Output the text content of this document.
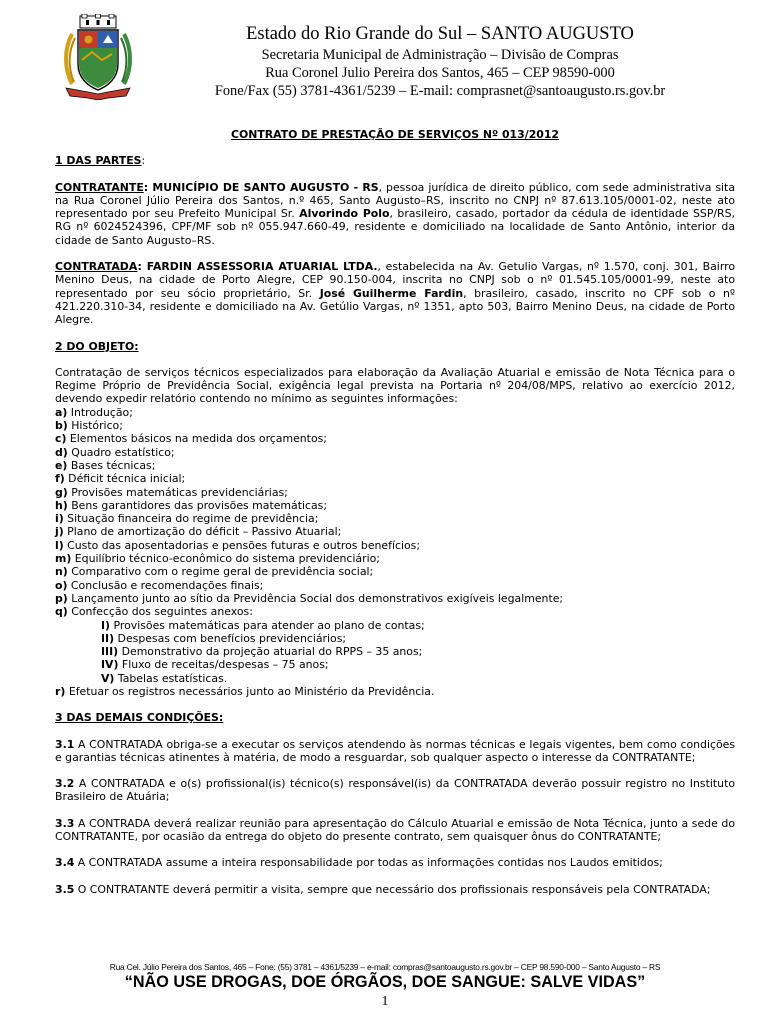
Estado do Rio Grande do Sul – SANTO AUGUSTO
Secretaria Municipal de Administração – Divisão de Compras
Rua Coronel Julio Pereira dos Santos, 465 – CEP 98590-000
Fone/Fax (55) 3781-4361/5239 – E-mail: comprasnet@santoaugusto.rs.gov.br

CONTRATO DE PRESTAÇÃO DE SERVIÇOS Nº 013/2012

1 DAS PARTES:

CONTRATANTE: MUNICÍPIO DE SANTO AUGUSTO - RS, pessoa jurídica de direito público, com sede administrativa sita na Rua Coronel Júlio Pereira dos Santos, n.º 465, Santo Augusto–RS, inscrito no CNPJ nº 87.613.105/0001-02, neste ato representado por seu Prefeito Municipal Sr. Alvorindo Polo, brasileiro, casado, portador da cédula de identidade SSP/RS, RG nº 6024524396, CPF/MF sob nº 055.947.660-49, residente e domiciliado na localidade de Santo Antônio, interior da cidade de Santo Augusto–RS.

CONTRATADA: FARDIN ASSESSORIA ATUARIAL LTDA., estabelecida na Av. Getulio Vargas, nº 1.570, conj. 301, Bairro Menino Deus, na cidade de Porto Alegre, CEP 90.150-004, inscrita no CNPJ sob o nº 01.545.105/0001-99, neste ato representado por seu sócio proprietário, Sr. José Guilherme Fardin, brasileiro, casado, inscrito no CPF sob o nº 421.220.310-34, residente e domiciliado na Av. Getúlio Vargas, nº 1351, apto 503, Bairro Menino Deus, na cidade de Porto Alegre.

2 DO OBJETO:

Contratação de serviços técnicos especializados para elaboração da Avaliação Atuarial e emissão de Nota Técnica para o Regime Próprio de Previdência Social, exigência legal prevista na Portaria nº 204/08/MPS, relativo ao exercício 2012, devendo expedir relatório contendo no mínimo as seguintes informações:

a) Introdução;

b) Histórico;

c) Elementos básicos na medida dos orçamentos;

d) Quadro estatístico;

e) Bases técnicas;

f) Déficit técnica inicial;

g) Provisões matemáticas previdenciárias;

h) Bens garantidores das provisões matemáticas;

i) Situação financeira do regime de previdência;

j) Plano de amortização do déficit – Passivo Atuarial;

l) Custo das aposentadorias e pensões futuras e outros benefícios;

m) Equilíbrio técnico-econômico do sistema previdenciário;

n) Comparativo com o regime geral de previdência social;

o) Conclusão e recomendações finais;

p) Lançamento junto ao sítio da Previdência Social dos demonstrativos exigíveis legalmente;

q) Confecção dos seguintes anexos:

I) Provisões matemáticas para atender ao plano de contas;

II) Despesas com benefícios previdenciários;

III) Demonstrativo da projeção atuarial do RPPS – 35 anos;

IV) Fluxo de receitas/despesas – 75 anos;

V) Tabelas estatísticas.

r) Efetuar os registros necessários junto ao Ministério da Previdência.

3 DAS DEMAIS CONDIÇÕES:

3.1 A CONTRATADA obriga-se a executar os serviços atendendo às normas técnicas e legais vigentes, bem como condições e garantias técnicas atinentes à matéria, de modo a resguardar, sob qualquer aspecto o interesse da CONTRATANTE;

3.2 A CONTRATADA e o(s) profissional(is) técnico(s) responsável(is) da CONTRATADA deverão possuir registro no Instituto Brasileiro de Atuária;

3.3 A CONTRADA deverá realizar reunião para apresentação do Cálculo Atuarial e emissão de Nota Técnica, junto a sede do CONTRATANTE, por ocasião da entrega do objeto do presente contrato, sem quaisquer ônus do CONTRATANTE;

3.4 A CONTRATADA assume a inteira responsabilidade por todas as informações contidas nos Laudos emitidos;

3.5 O CONTRATANTE deverá permitir a visita, sempre que necessário dos profissionais responsáveis pela CONTRATADA;

Rua Cel. Júlio Pereira dos Santos, 465 – Fone: (55) 3781 – 4361/5239 – e-mail: compras@santoaugusto.rs.gov.br – CEP 98.590-000 – Santo Augusto – RS
“NÃO USE DROGAS, DOE ÓRGÃOS, DOE SANGUE: SALVE VIDAS”
1
